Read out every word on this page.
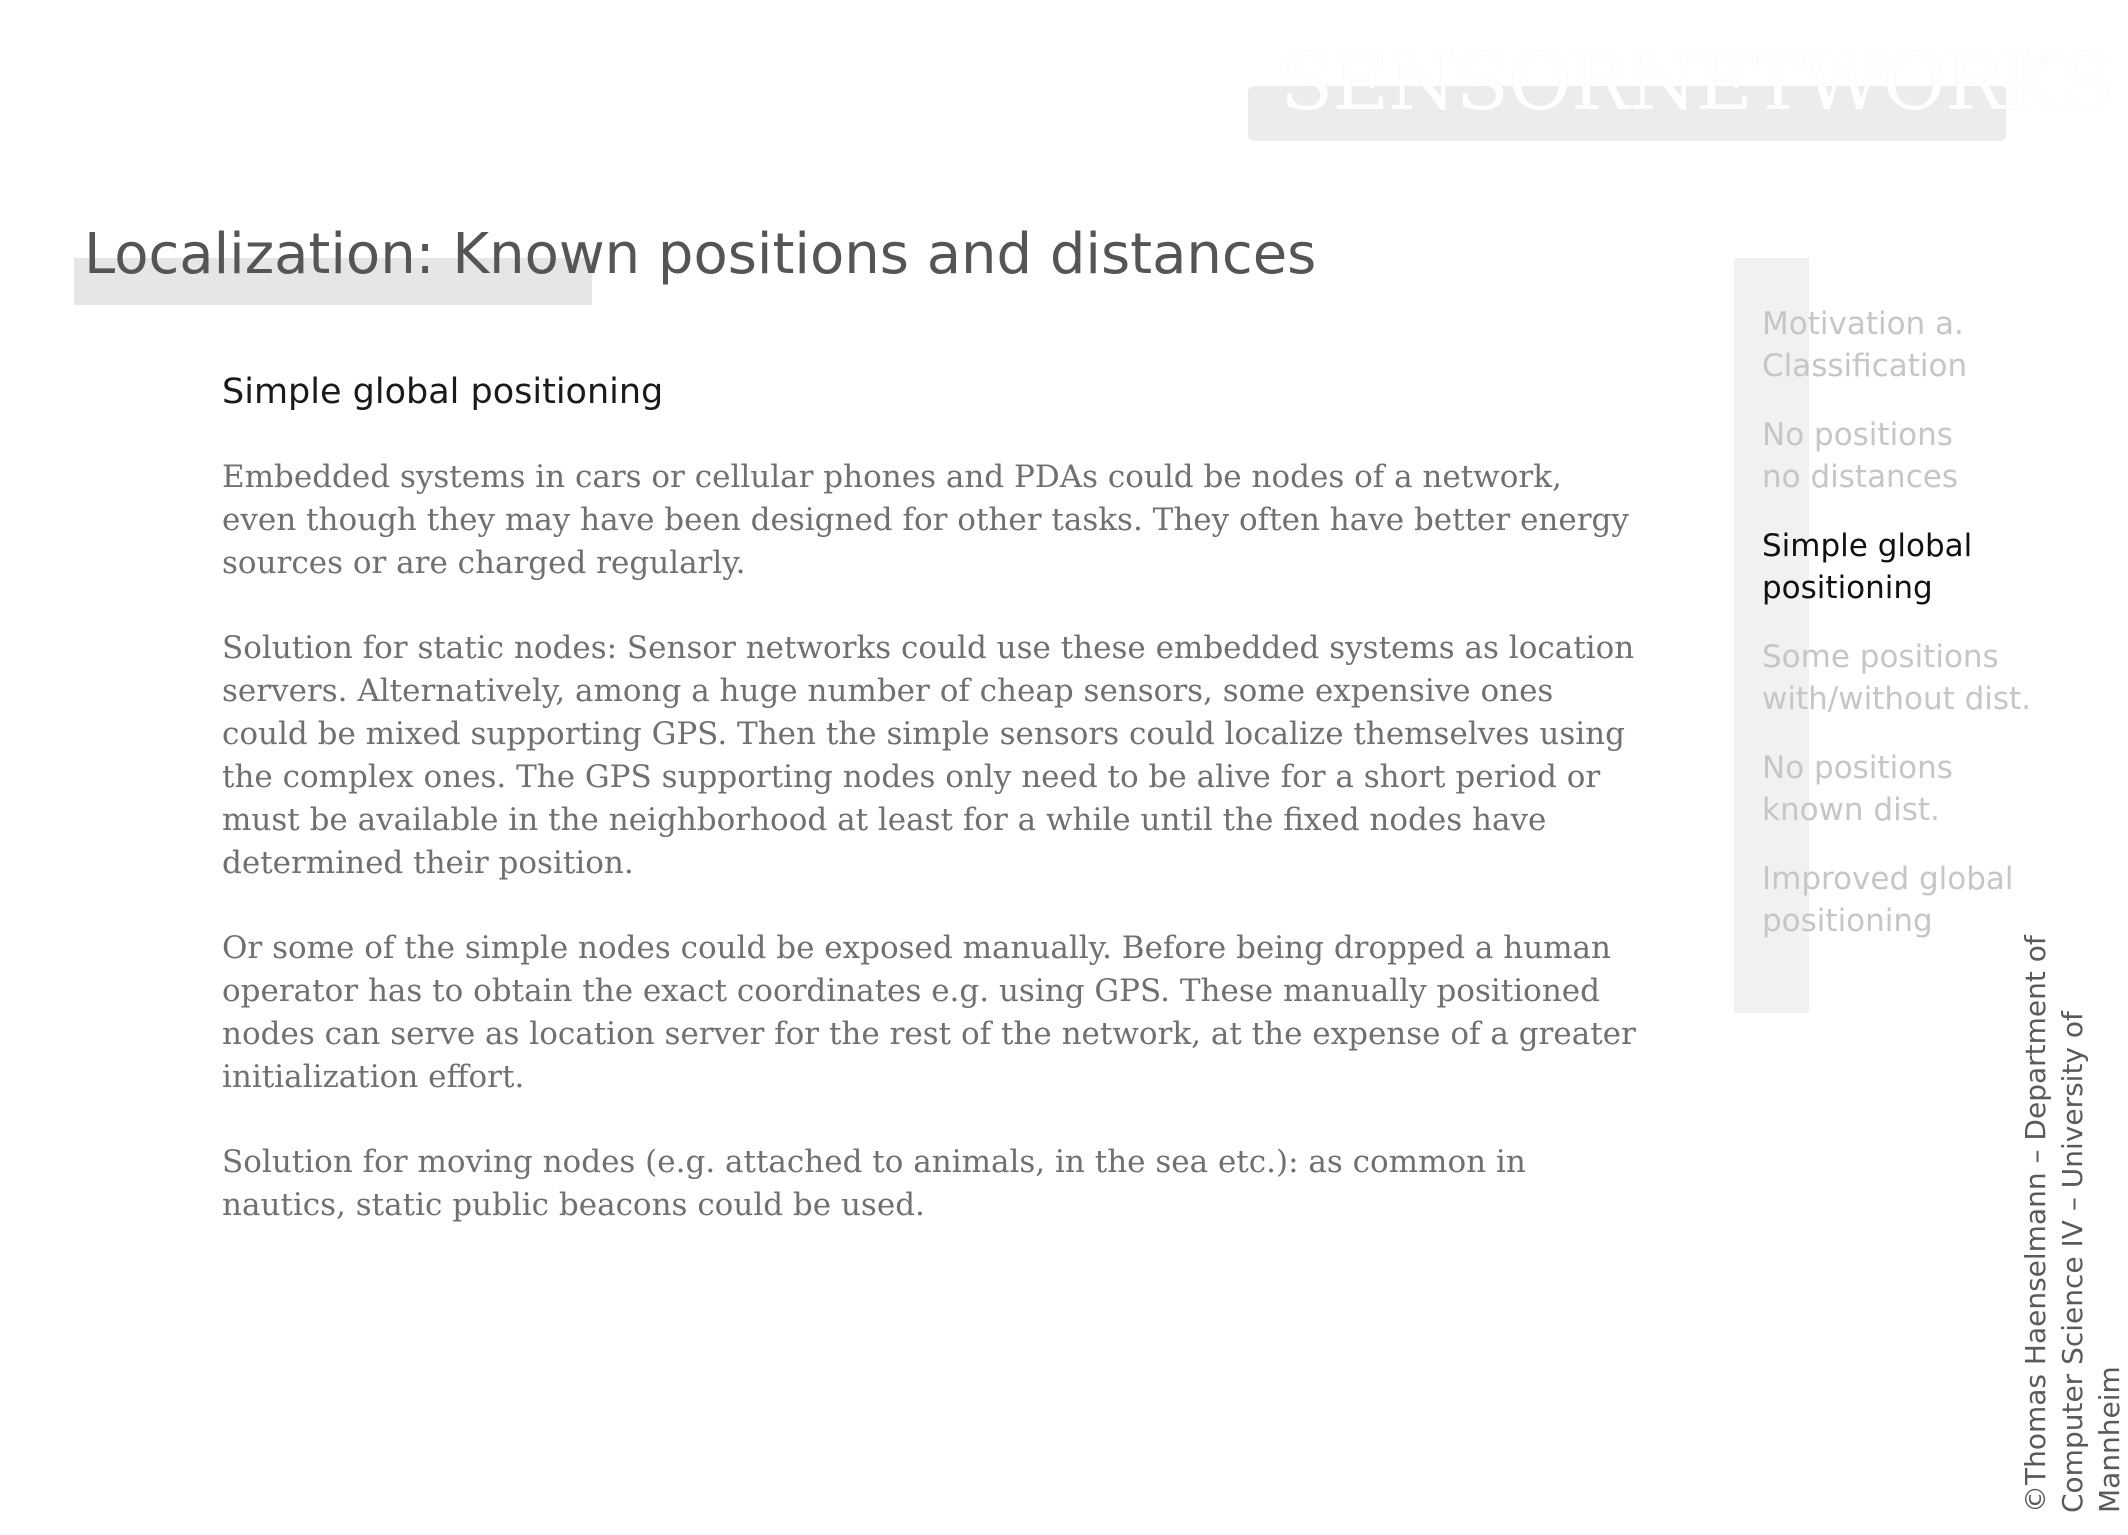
SENSORNETWORKS
Localization: Known positions and distances
Simple global positioning

Embedded systems in cars or cellular phones and PDAs could be nodes of a network, even though they may have been designed for other tasks. They often have better energy sources or are charged regularly.

Solution for static nodes: Sensor networks could use these embedded systems as location servers. Alternatively, among a huge number of cheap sensors, some expensive ones could be mixed supporting GPS. Then the simple sensors could localize themselves using the complex ones. The GPS supporting nodes only need to be alive for a short period or must be available in the neighborhood at least for a while until the fixed nodes have determined their position.

Or some of the simple nodes could be exposed manually. Before being dropped a human operator has to obtain the exact coordinates e.g. using GPS. These manually positioned nodes can serve as location server for the rest of the network, at the expense of a greater initialization effort.

Solution for moving nodes (e.g. attached to animals, in the sea etc.): as common in nautics, static public beacons could be used.

Motivation a.
Classification
No positions
no distances
Simple global
positioning
Some positions
with/without dist.
No positions
known dist.
Improved global
positioning
©Thomas Haenselmann – Department of
Computer Science IV – University of Mannheim
